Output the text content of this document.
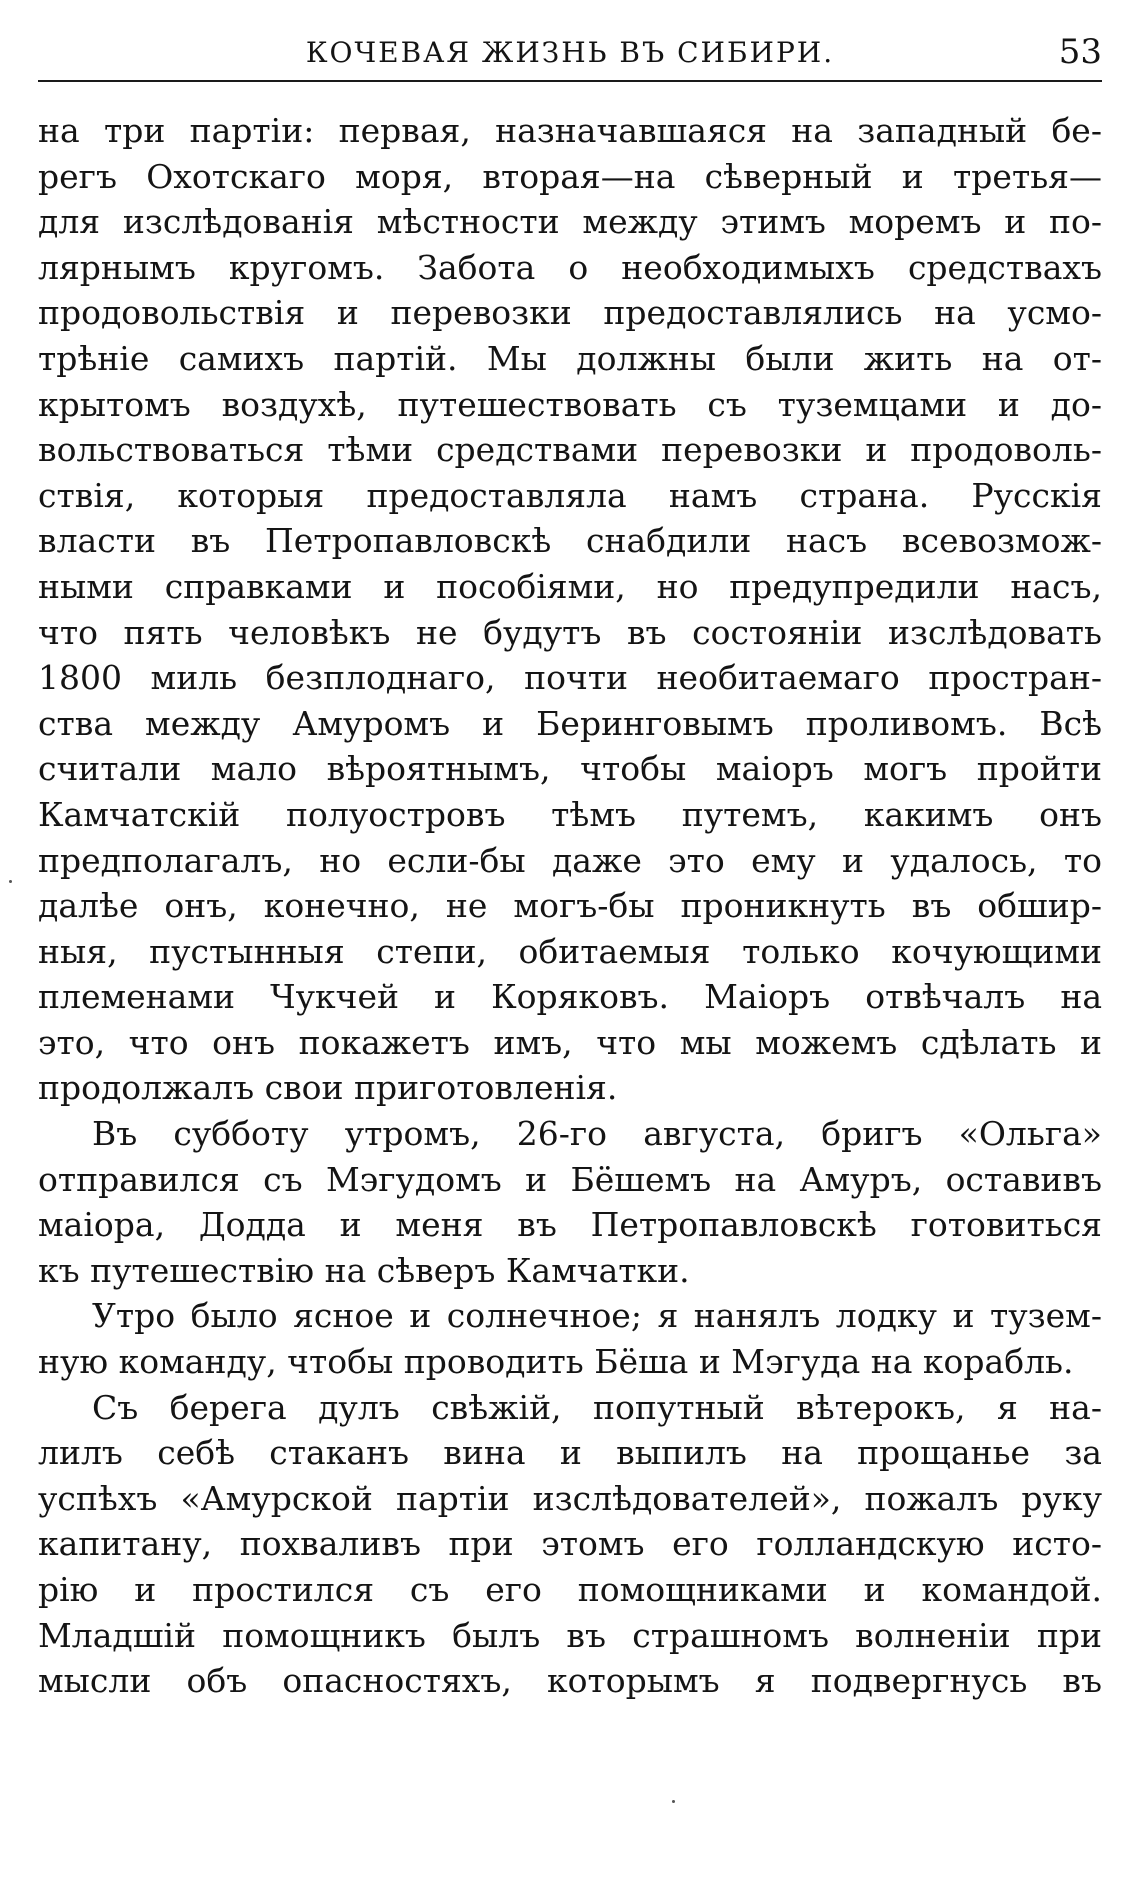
КОЧЕВАЯ ЖИЗНЬ ВЪ СИБИРИ.	53

на три партіи: первая, назначавшаяся на западный бе-
регъ Охотскаго моря, вторая—на сѣверный и третья—
для изслѣдованія мѣстности между этимъ моремъ и по-
лярнымъ кругомъ. Забота о необходимыхъ средствахъ
продовольствія и перевозки предоставлялись на усмо-
трѣніе самихъ партій. Мы должны были жить на от-
крытомъ воздухѣ, путешествовать съ туземцами и до-
вольствоваться тѣми средствами перевозки и продоволь-
ствія, которыя предоставляла намъ страна. Русскія
власти въ Петропавловскѣ снабдили насъ всевозмож-
ными справками и пособіями, но предупредили насъ,
что пять человѣкъ не будутъ въ состояніи изслѣдовать
1800 миль безплоднаго, почти необитаемаго простран-
ства между Амуромъ и Беринговымъ проливомъ. Всѣ
считали мало вѣроятнымъ, чтобы маіоръ могъ пройти
Камчатскій полуостровъ тѣмъ путемъ, какимъ онъ
предполагалъ, но если-бы даже это ему и удалось, то
далѣе онъ, конечно, не могъ-бы проникнуть въ обшир-
ныя, пустынныя степи, обитаемыя только кочующими
племенами Чукчей и Коряковъ. Маіоръ отвѣчалъ на
это, что онъ покажетъ имъ, что мы можемъ сдѣлать и
продолжалъ свои приготовленія.

Въ субботу утромъ, 26-го августа, бригъ «Ольга»
отправился съ Мэгудомъ и Бёшемъ на Амуръ, оставивъ
маіора, Додда и меня въ Петропавловскѣ готовиться
къ путешествію на сѣверъ Камчатки.

Утро было ясное и солнечное; я нанялъ лодку и тузем-
ную команду, чтобы проводить Бёша и Мэгуда на корабль.

Съ берега дулъ свѣжій, попутный вѣтерокъ, я на-
лилъ себѣ стаканъ вина и выпилъ на прощанье за
успѣхъ «Амурской партіи изслѣдователей», пожалъ руку
капитану, похваливъ при этомъ его голландскую исто-
рію и простился съ его помощниками и командой.
Младшій помощникъ былъ въ страшномъ волненіи при
мысли объ опасностяхъ, которымъ я подвергнусь въ
